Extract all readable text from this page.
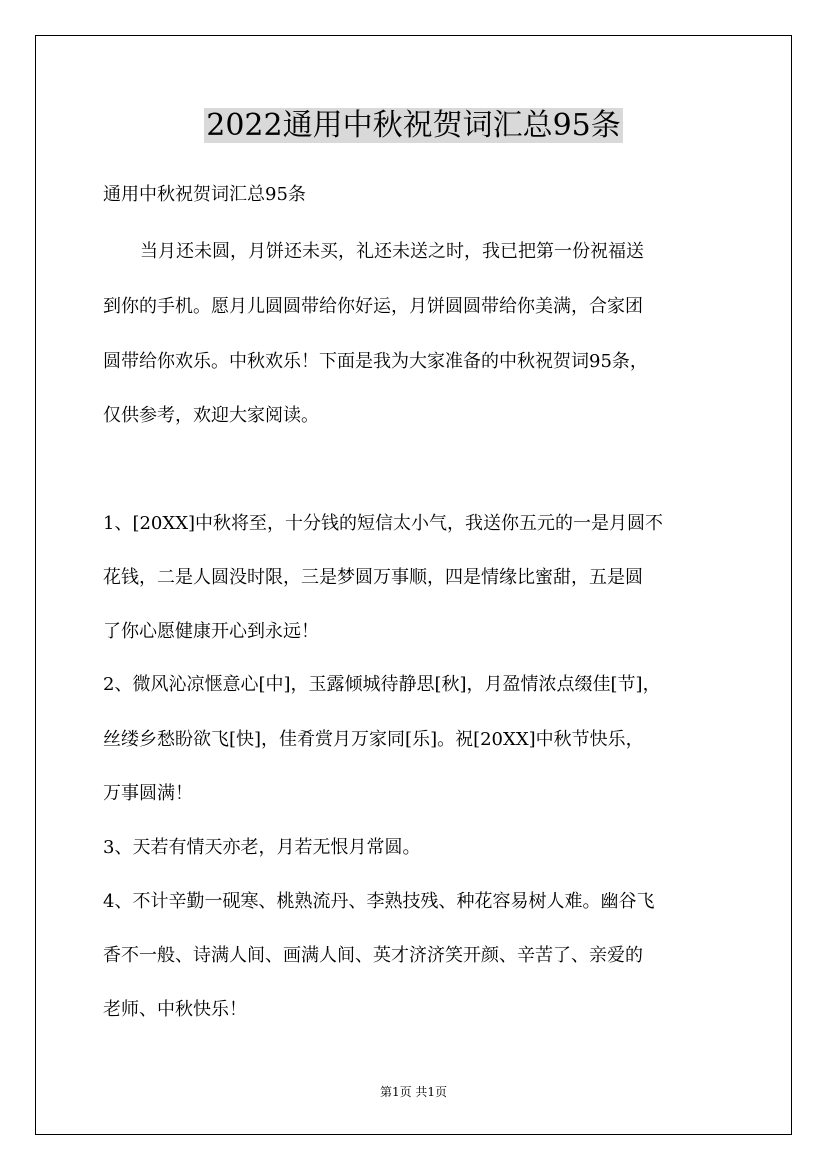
2022通用中秋祝贺词汇总95条
通用中秋祝贺词汇总95条
当月还未圆，月饼还未买，礼还未送之时，我已把第一份祝福送
到你的手机。愿月儿圆圆带给你好运，月饼圆圆带给你美满，合家团
圆带给你欢乐。中秋欢乐！下面是我为大家准备的中秋祝贺词95条，
仅供参考，欢迎大家阅读。
1、[20XX]中秋将至，十分钱的短信太小气，我送你五元的一是月圆不
花钱，二是人圆没时限，三是梦圆万事顺，四是情缘比蜜甜，五是圆
了你心愿健康开心到永远！
2、微风沁凉惬意心[中]，玉露倾城待静思[秋]，月盈情浓点缀佳[节]，
丝缕乡愁盼欲飞[快]，佳肴赏月万家同[乐]。祝[20XX]中秋节快乐，
万事圆满！
3、天若有情天亦老，月若无恨月常圆。
4、不计辛勤一砚寒、桃熟流丹、李熟技残、种花容易树人难。幽谷飞
香不一般、诗满人间、画满人间、英才济济笑开颜、辛苦了、亲爱的
老师、中秋快乐！
第1页 共1页
